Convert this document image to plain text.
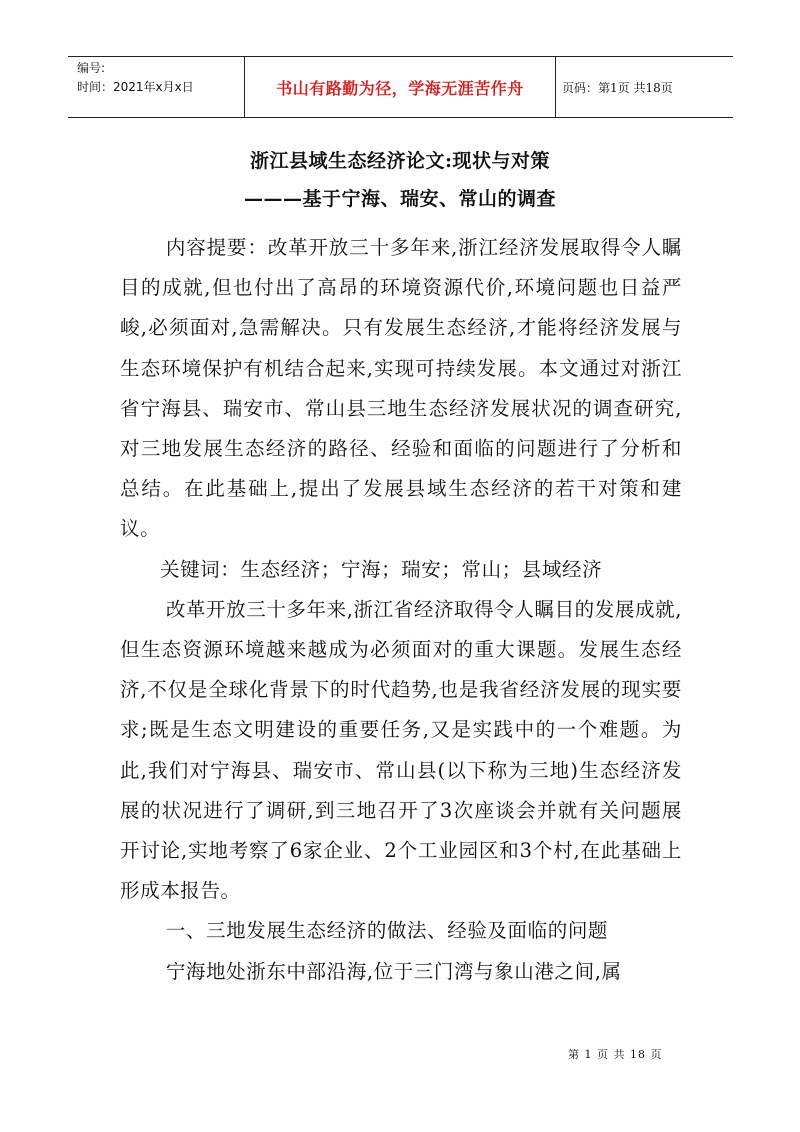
编号:
时间：2021年x月x日	书山有路勤为径，学海无涯苦作舟	页码：第1页 共18页
浙江县域生态经济论文:现状与对策
———基于宁海、瑞安、常山的调查

内容提要：改革开放三十多年来,浙江经济发展取得令人瞩目的成就,但也付出了高昂的环境资源代价,环境问题也日益严峻,必须面对,急需解决。只有发展生态经济,才能将经济发展与生态环境保护有机结合起来,实现可持续发展。本文通过对浙江省宁海县、瑞安市、常山县三地生态经济发展状况的调查研究,对三地发展生态经济的路径、经验和面临的问题进行了分析和总结。在此基础上,提出了发展县域生态经济的若干对策和建议。

关键词：生态经济；宁海；瑞安；常山；县域经济

改革开放三十多年来,浙江省经济取得令人瞩目的发展成就,但生态资源环境越来越成为必须面对的重大课题。发展生态经济,不仅是全球化背景下的时代趋势,也是我省经济发展的现实要求;既是生态文明建设的重要任务,又是实践中的一个难题。为此,我们对宁海县、瑞安市、常山县(以下称为三地)生态经济发展的状况进行了调研,到三地召开了3次座谈会并就有关问题展开讨论,实地考察了6家企业、2个工业园区和3个村,在此基础上形成本报告。

一、三地发展生态经济的做法、经验及面临的问题

宁海地处浙东中部沿海,位于三门湾与象山港之间,属

第 1 页 共 18 页
